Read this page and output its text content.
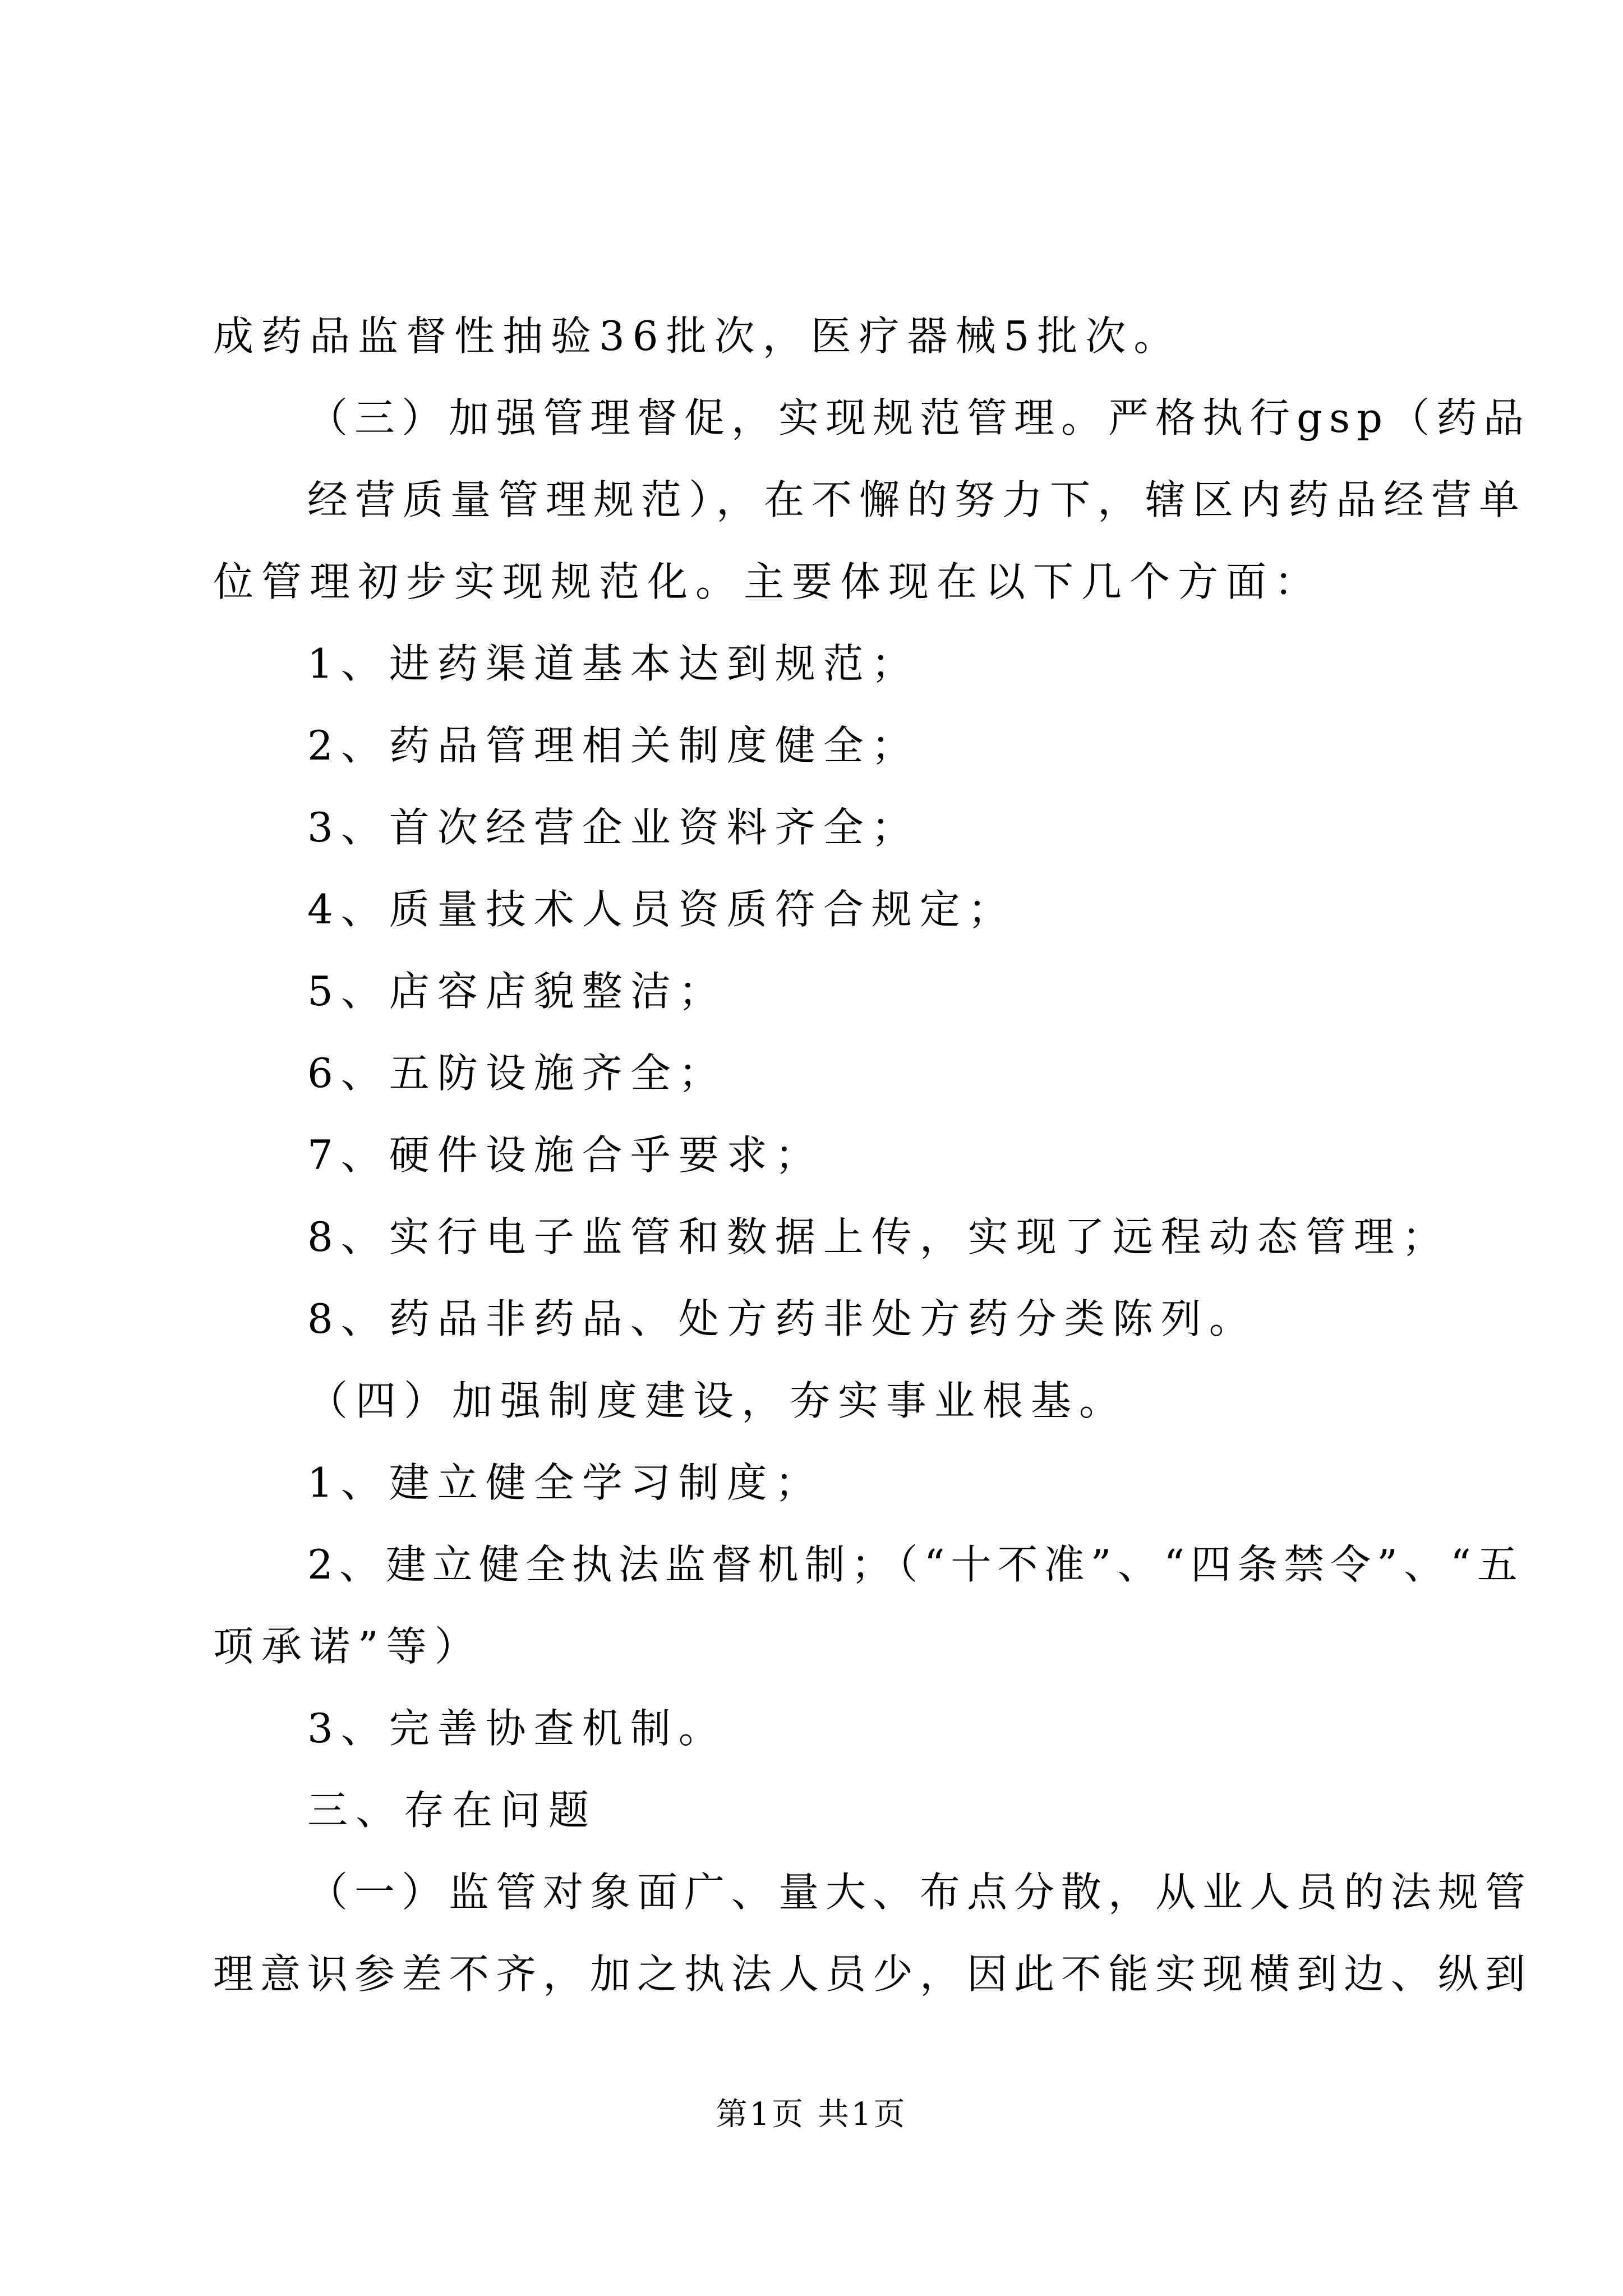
成药品监督性抽验36批次，医疗器械5批次。
（三）加强管理督促，实现规范管理。严格执行gsp（药品
经营质量管理规范），在不懈的努力下，辖区内药品经营单
位管理初步实现规范化。主要体现在以下几个方面：
1、进药渠道基本达到规范；
2、药品管理相关制度健全；
3、首次经营企业资料齐全；
4、质量技术人员资质符合规定；
5、店容店貌整洁；
6、五防设施齐全；
7、硬件设施合乎要求；
8、实行电子监管和数据上传，实现了远程动态管理；
8、药品非药品、处方药非处方药分类陈列。
（四）加强制度建设，夯实事业根基。
1、建立健全学习制度；
2、建立健全执法监督机制；（“十不准”、“四条禁令”、“五
项承诺”等）
3、完善协查机制。
三、存在问题
（一）监管对象面广、量大、布点分散，从业人员的法规管
理意识参差不齐，加之执法人员少，因此不能实现横到边、纵到
第1页 共1页
